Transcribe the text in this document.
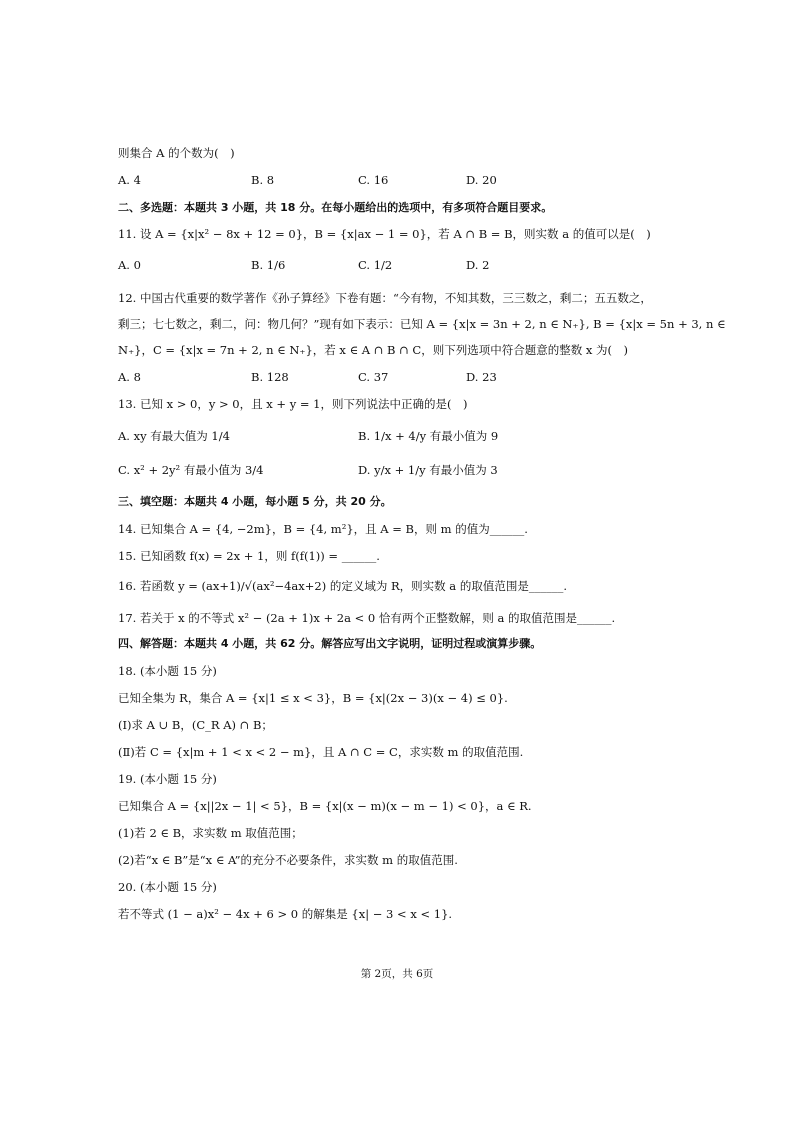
则集合 A 的个数为(　)
A. 4	B. 8	C. 16	D. 20
二、多选题：本题共 3 小题，共 18 分。在每小题给出的选项中，有多项符合题目要求。
11. 设 A = {x|x² − 8x + 12 = 0}，B = {x|ax − 1 = 0}，若 A ∩ B = B，则实数 a 的值可以是(　)
A. 0	B. 1/6	C. 1/2	D. 2
12. 中国古代重要的数学著作《孙子算经》下卷有题：“今有物，不知其数，三三数之，剩二；五五数之，
剩三；七七数之，剩二，问：物几何？”现有如下表示：已知 A = {x|x = 3n + 2, n ∈ N₊}, B = {x|x = 5n + 3, n ∈
N₊}，C = {x|x = 7n + 2, n ∈ N₊}，若 x ∈ A ∩ B ∩ C，则下列选项中符合题意的整数 x 为(　)
A. 8	B. 128	C. 37	D. 23
13. 已知 x > 0，y > 0，且 x + y = 1，则下列说法中正确的是(　)
A. xy 有最大值为 1/4	B. 1/x + 4/y 有最小值为 9
C. x² + 2y² 有最小值为 3/4	D. y/x + 1/y 有最小值为 3
三、填空题：本题共 4 小题，每小题 5 分，共 20 分。
14. 已知集合 A = {4, −2m}，B = {4, m²}，且 A = B，则 m 的值为______.
15. 已知函数 f(x) = 2x + 1，则 f(f(1)) = ______.
16. 若函数 y = (ax+1)/√(ax²−4ax+2) 的定义域为 R，则实数 a 的取值范围是______.
17. 若关于 x 的不等式 x² − (2a + 1)x + 2a < 0 恰有两个正整数解，则 a 的取值范围是______.
四、解答题：本题共 4 小题，共 62 分。解答应写出文字说明，证明过程或演算步骤。
18. (本小题 15 分)
已知全集为 R，集合 A = {x|1 ≤ x < 3}，B = {x|(2x − 3)(x − 4) ≤ 0}.
(Ⅰ)求 A ∪ B，(C_R A) ∩ B；
(Ⅱ)若 C = {x|m + 1 < x < 2 − m}，且 A ∩ C = C，求实数 m 的取值范围.
19. (本小题 15 分)
已知集合 A = {x||2x − 1| < 5}，B = {x|(x − m)(x − m − 1) < 0}，a ∈ R.
(1)若 2 ∈ B，求实数 m 取值范围；
(2)若“x ∈ B”是“x ∈ A”的充分不必要条件，求实数 m 的取值范围.
20. (本小题 15 分)
若不等式 (1 − a)x² − 4x + 6 > 0 的解集是 {x| − 3 < x < 1}.
第 2页，共 6页
